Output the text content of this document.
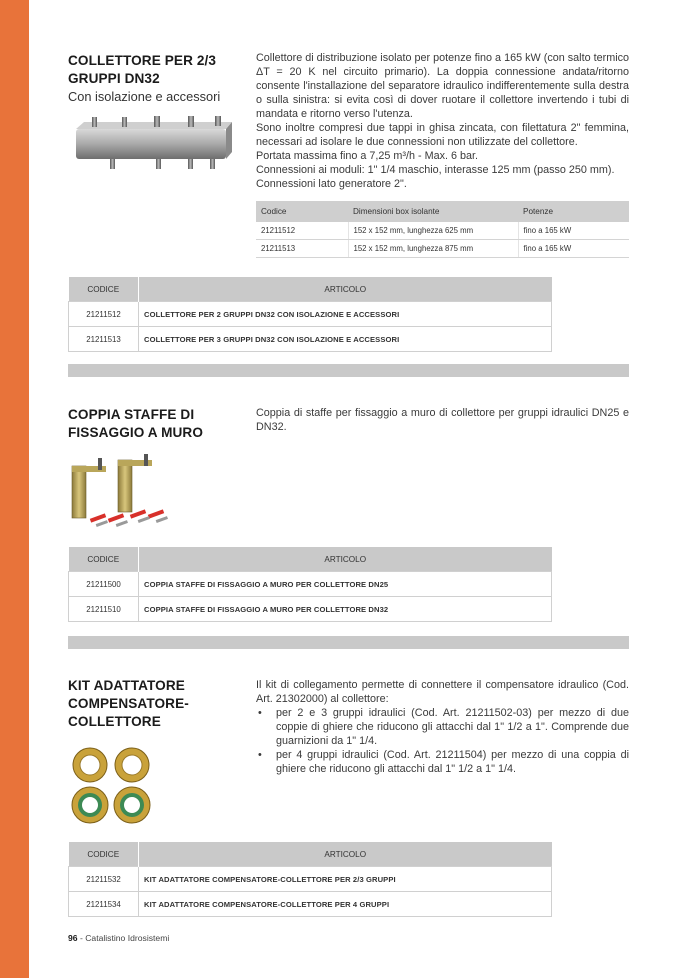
COLLETTORE PER 2/3 GRUPPI DN32
Con isolazione e accessori

Collettore di distribuzione isolato per potenze fino a 165 kW (con salto termico ΔT = 20 K nel circuito primario). La doppia connessione andata/ritorno consente l'installazione del separatore idraulico indifferentemente sulla destra o sulla sinistra: si evita così di dover ruotare il collettore invertendo i tubi di mandata e ritorno verso l'utenza.

Sono inoltre compresi due tappi in ghisa zincata, con filettatura 2" femmina, necessari ad isolare le due connessioni non utilizzate del collettore.

Portata massima fino a 7,25 m³/h - Max. 6 bar.

Connessioni ai moduli: 1" 1/4 maschio, interasse 125 mm (passo 250 mm).

Connessioni lato generatore 2".

Codice	Dimensioni box isolante	Potenze
21211512	152 x 152 mm, lunghezza 625 mm	fino a 165 kW
21211513	152 x 152 mm, lunghezza 875 mm	fino a 165 kW
CODICE	ARTICOLO
21211512	COLLETTORE PER 2 GRUPPI DN32 CON ISOLAZIONE E ACCESSORI
21211513	COLLETTORE PER 3 GRUPPI DN32 CON ISOLAZIONE E ACCESSORI
COPPIA STAFFE DI FISSAGGIO A MURO

Coppia di staffe per fissaggio a muro di collettore per gruppi idraulici DN25 e DN32.

CODICE	ARTICOLO
21211500	COPPIA STAFFE DI FISSAGGIO A MURO PER COLLETTORE DN25
21211510	COPPIA STAFFE DI FISSAGGIO A MURO PER COLLETTORE DN32
KIT ADATTATORE COMPENSATORE-COLLETTORE

Il kit di collegamento permette di connettere il compensatore idraulico (Cod. Art. 21302000) al collettore:

• per 2 e 3 gruppi idraulici (Cod. Art. 21211502-03) per mezzo di due coppie di ghiere che riducono gli attacchi dal 1" 1/2 a 1". Comprende due guarnizioni da 1" 1/4.
• per 4 gruppi idraulici (Cod. Art. 21211504) per mezzo di una coppia di ghiere che riducono gli attacchi dal 1" 1/2 a 1" 1/4.
CODICE	ARTICOLO
21211532	KIT ADATTATORE COMPENSATORE-COLLETTORE PER 2/3 GRUPPI
21211534	KIT ADATTATORE COMPENSATORE-COLLETTORE PER 4 GRUPPI
96 - Catalistino Idrosistemi
